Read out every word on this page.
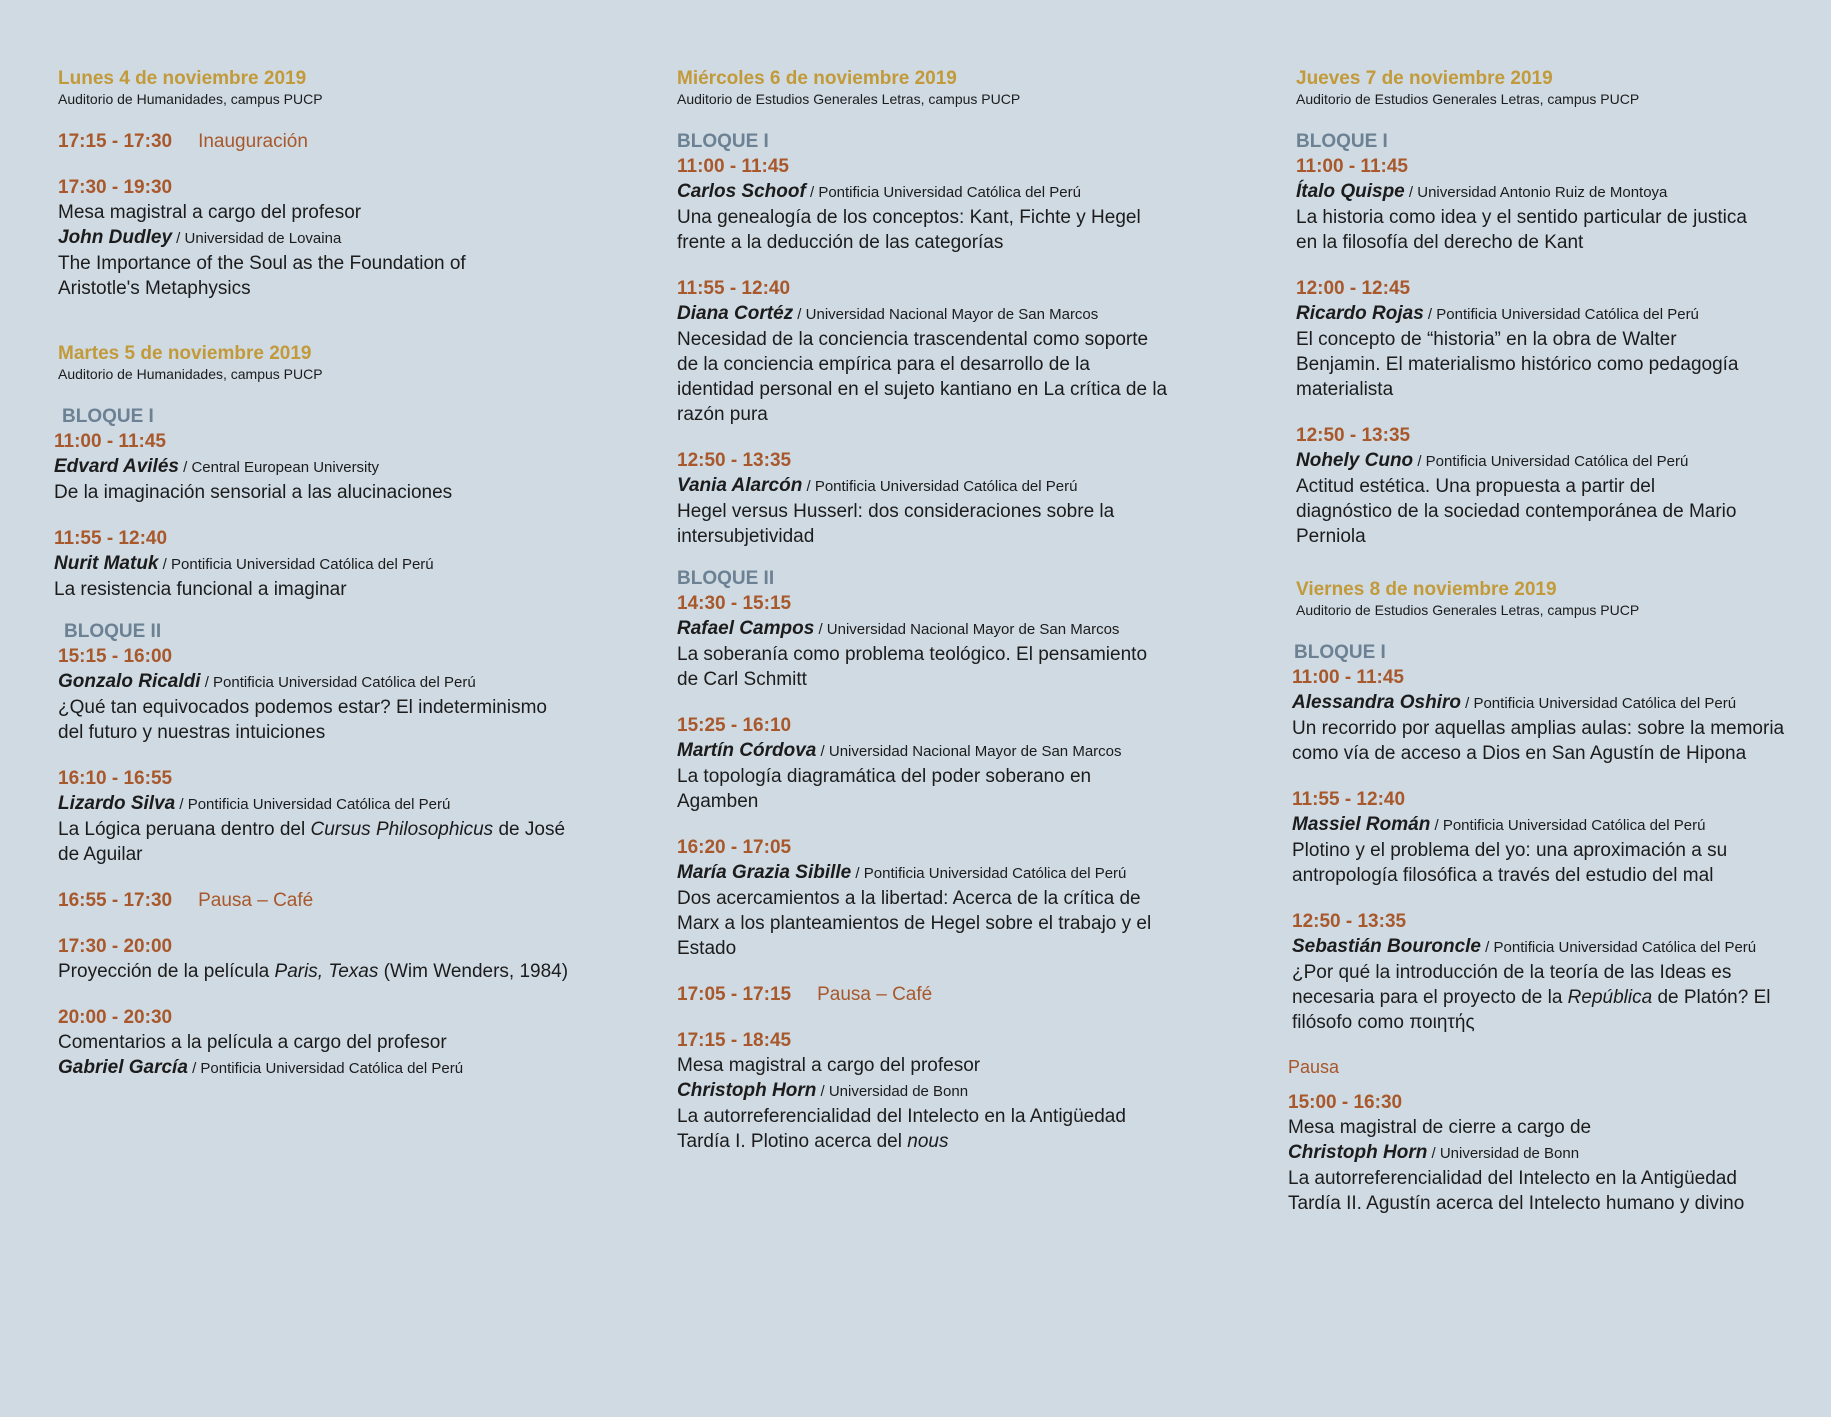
Lunes 4 de noviembre 2019
Auditorio de Humanidades, campus PUCP
17:15 - 17:30 Inauguración
17:30 - 19:30
Mesa magistral a cargo del profesor
John Dudley / Universidad de Lovaina
The Importance of the Soul as the Foundation of
Aristotle's Metaphysics
Martes 5 de noviembre 2019
Auditorio de Humanidades, campus PUCP
BLOQUE I
11:00 - 11:45
Edvard Avilés / Central European University
De la imaginación sensorial a las alucinaciones
11:55 - 12:40
Nurit Matuk / Pontificia Universidad Católica del Perú
La resistencia funcional a imaginar
BLOQUE II
15:15 - 16:00
Gonzalo Ricaldi / Pontificia Universidad Católica del Perú
¿Qué tan equivocados podemos estar? El indeterminismo
del futuro y nuestras intuiciones
16:10 - 16:55
Lizardo Silva / Pontificia Universidad Católica del Perú
La Lógica peruana dentro del Cursus Philosophicus de José
de Aguilar
16:55 - 17:30 Pausa – Café
17:30 - 20:00
Proyección de la película Paris, Texas (Wim Wenders, 1984)
20:00 - 20:30
Comentarios a la película a cargo del profesor
Gabriel García / Pontificia Universidad Católica del Perú
Miércoles 6 de noviembre 2019
Auditorio de Estudios Generales Letras, campus PUCP
BLOQUE I
11:00 - 11:45
Carlos Schoof / Pontificia Universidad Católica del Perú
Una genealogía de los conceptos: Kant, Fichte y Hegel
frente a la deducción de las categorías
11:55 - 12:40
Diana Cortéz / Universidad Nacional Mayor de San Marcos
Necesidad de la conciencia trascendental como soporte
de la conciencia empírica para el desarrollo de la
identidad personal en el sujeto kantiano en La crítica de la
razón pura
12:50 - 13:35
Vania Alarcón / Pontificia Universidad Católica del Perú
Hegel versus Husserl: dos consideraciones sobre la
intersubjetividad
BLOQUE II
14:30 - 15:15
Rafael Campos / Universidad Nacional Mayor de San Marcos
La soberanía como problema teológico. El pensamiento
de Carl Schmitt
15:25 - 16:10
Martín Córdova / Universidad Nacional Mayor de San Marcos
La topología diagramática del poder soberano en
Agamben
16:20 - 17:05
María Grazia Sibille / Pontificia Universidad Católica del Perú
Dos acercamientos a la libertad: Acerca de la crítica de
Marx a los planteamientos de Hegel sobre el trabajo y el
Estado
17:05 - 17:15 Pausa – Café
17:15 - 18:45
Mesa magistral a cargo del profesor
Christoph Horn / Universidad de Bonn
La autorreferencialidad del Intelecto en la Antigüedad
Tardía I. Plotino acerca del nous
Jueves 7 de noviembre 2019
Auditorio de Estudios Generales Letras, campus PUCP
BLOQUE I
11:00 - 11:45
Ítalo Quispe / Universidad Antonio Ruiz de Montoya
La historia como idea y el sentido particular de justica
en la filosofía del derecho de Kant
12:00 - 12:45
Ricardo Rojas / Pontificia Universidad Católica del Perú
El concepto de “historia” en la obra de Walter
Benjamin. El materialismo histórico como pedagogía
materialista
12:50 - 13:35
Nohely Cuno / Pontificia Universidad Católica del Perú
Actitud estética. Una propuesta a partir del
diagnóstico de la sociedad contemporánea de Mario
Perniola
Viernes 8 de noviembre 2019
Auditorio de Estudios Generales Letras, campus PUCP
BLOQUE I
11:00 - 11:45
Alessandra Oshiro / Pontificia Universidad Católica del Perú
Un recorrido por aquellas amplias aulas: sobre la memoria
como vía de acceso a Dios en San Agustín de Hipona
11:55 - 12:40
Massiel Román / Pontificia Universidad Católica del Perú
Plotino y el problema del yo: una aproximación a su
antropología filosófica a través del estudio del mal
12:50 - 13:35
Sebastián Bouroncle / Pontificia Universidad Católica del Perú
¿Por qué la introducción de la teoría de las Ideas es
necesaria para el proyecto de la República de Platón? El
filósofo como ποιητής
Pausa
15:00 - 16:30
Mesa magistral de cierre a cargo de
Christoph Horn / Universidad de Bonn
La autorreferencialidad del Intelecto en la Antigüedad
Tardía II. Agustín acerca del Intelecto humano y divino
